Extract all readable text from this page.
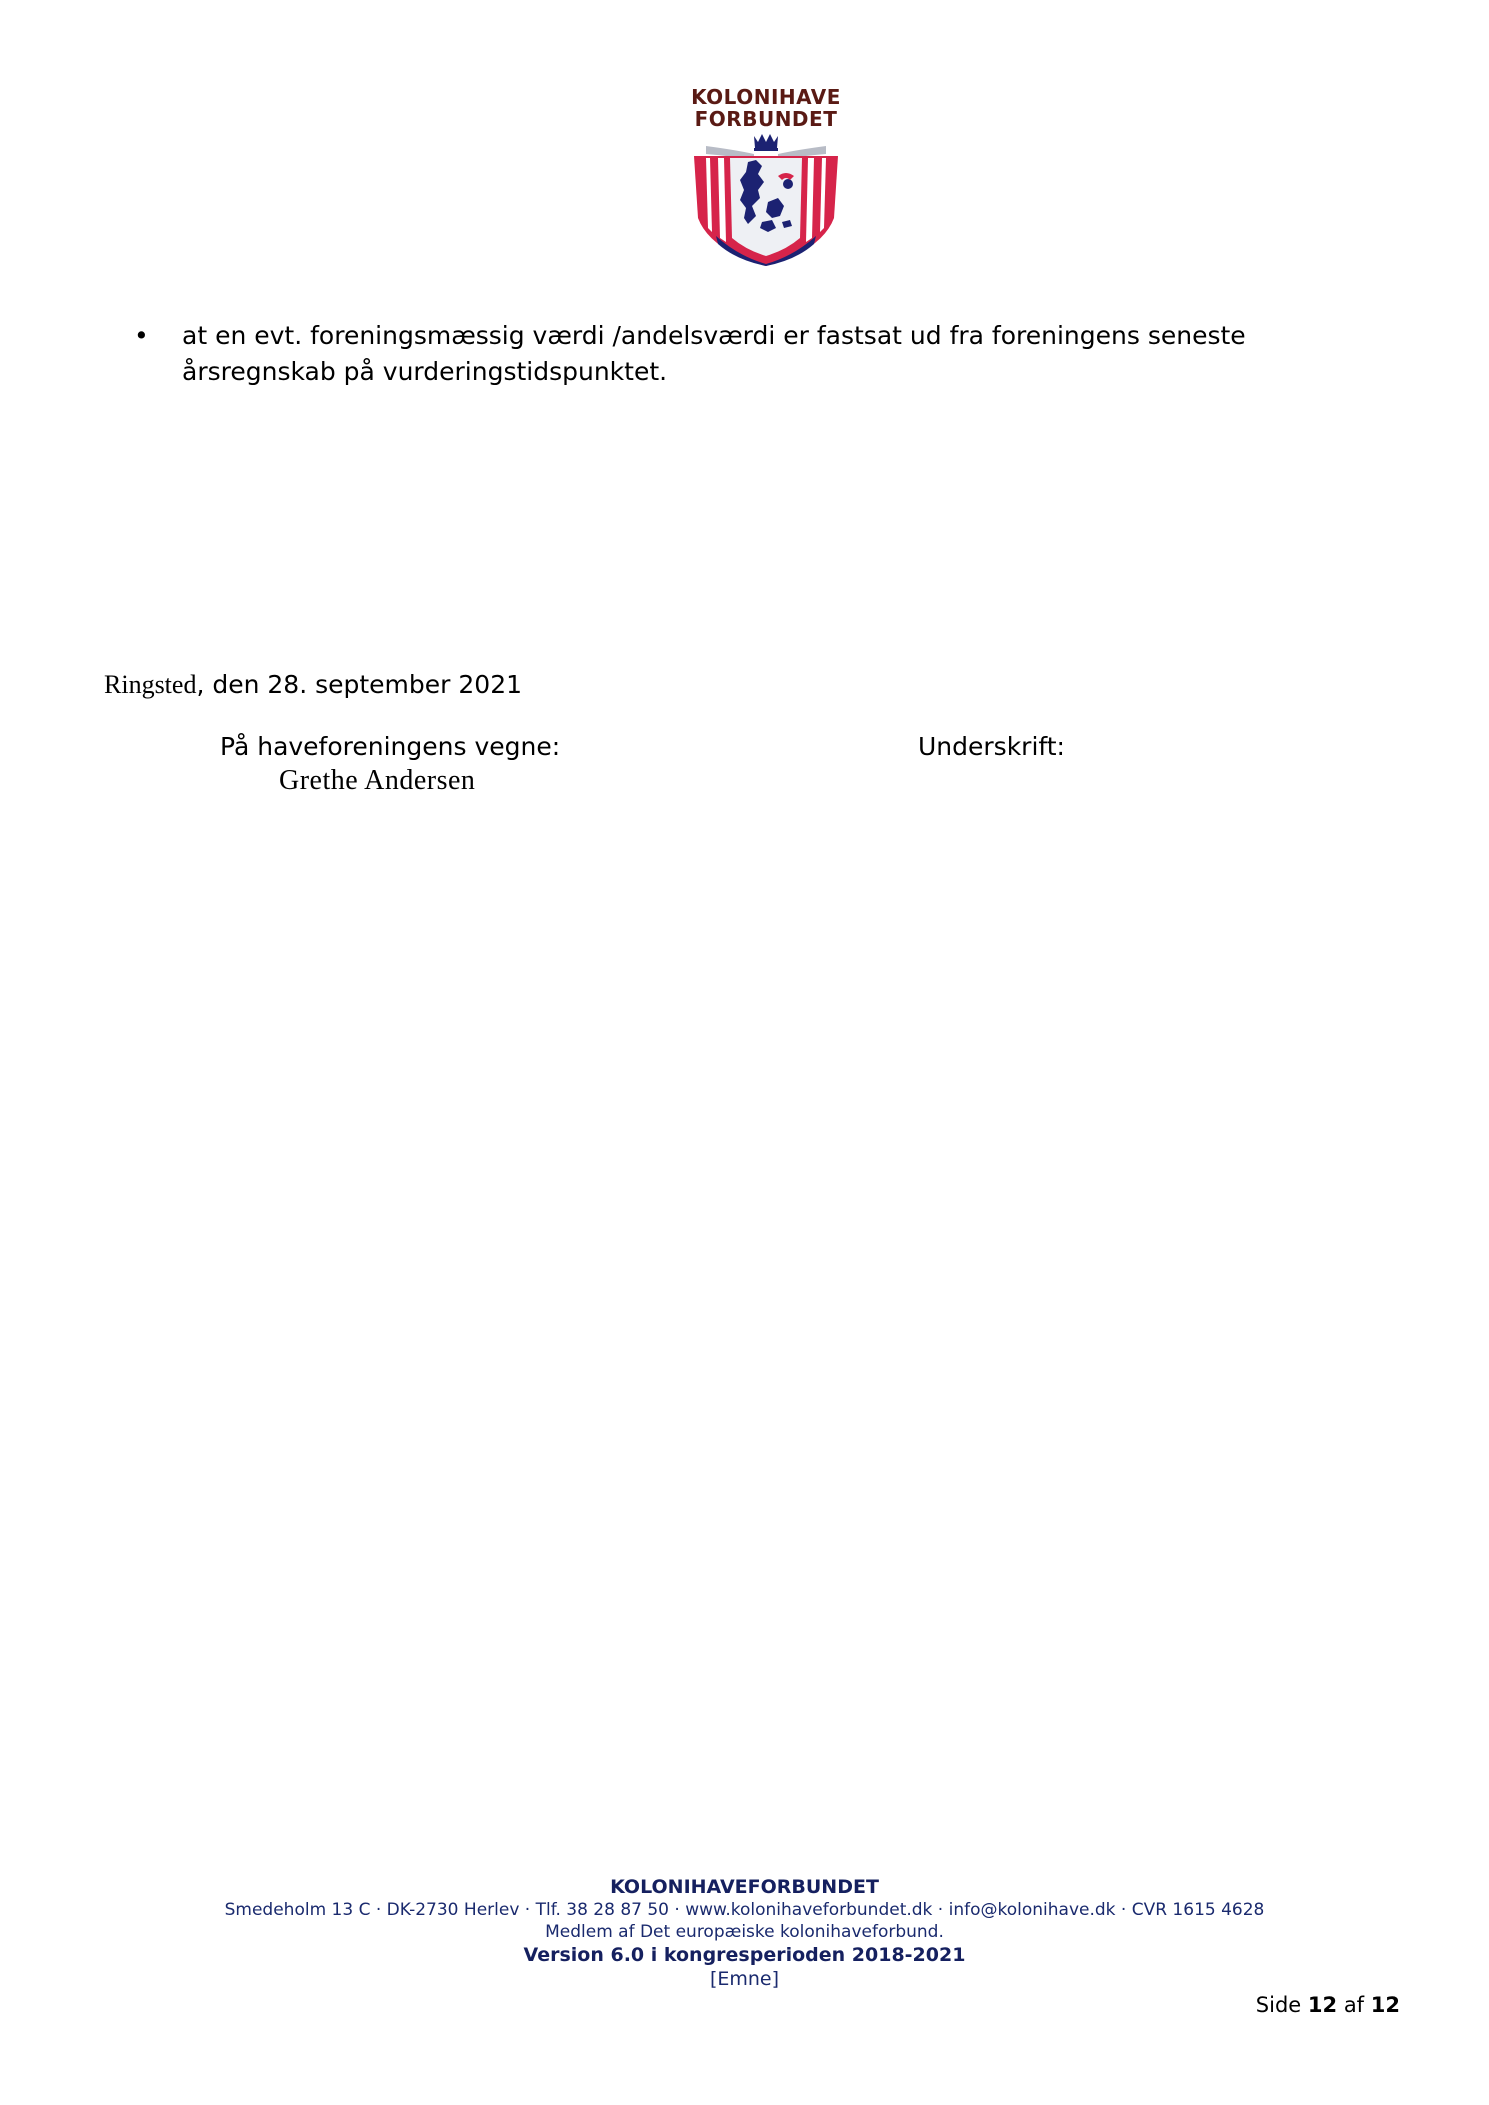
KOLONIHAVE
FORBUNDET
•	at en evt. foreningsmæssig værdi /andelsværdi er fastsat ud fra foreningens seneste årsregnskab på vurderingstidspunktet.
Ringsted, den 28. september 2021
På haveforeningens vegne:
Grethe Andersen
Underskrift:
KOLONIHAVEFORBUNDET
Smedeholm 13 C · DK-2730 Herlev · Tlf. 38 28 87 50 · www.kolonihaveforbundet.dk · info@kolonihave.dk · CVR 1615 4628
Medlem af Det europæiske kolonihaveforbund.
Version 6.0 i kongresperioden 2018-2021
[Emne]
Side 12 af 12
